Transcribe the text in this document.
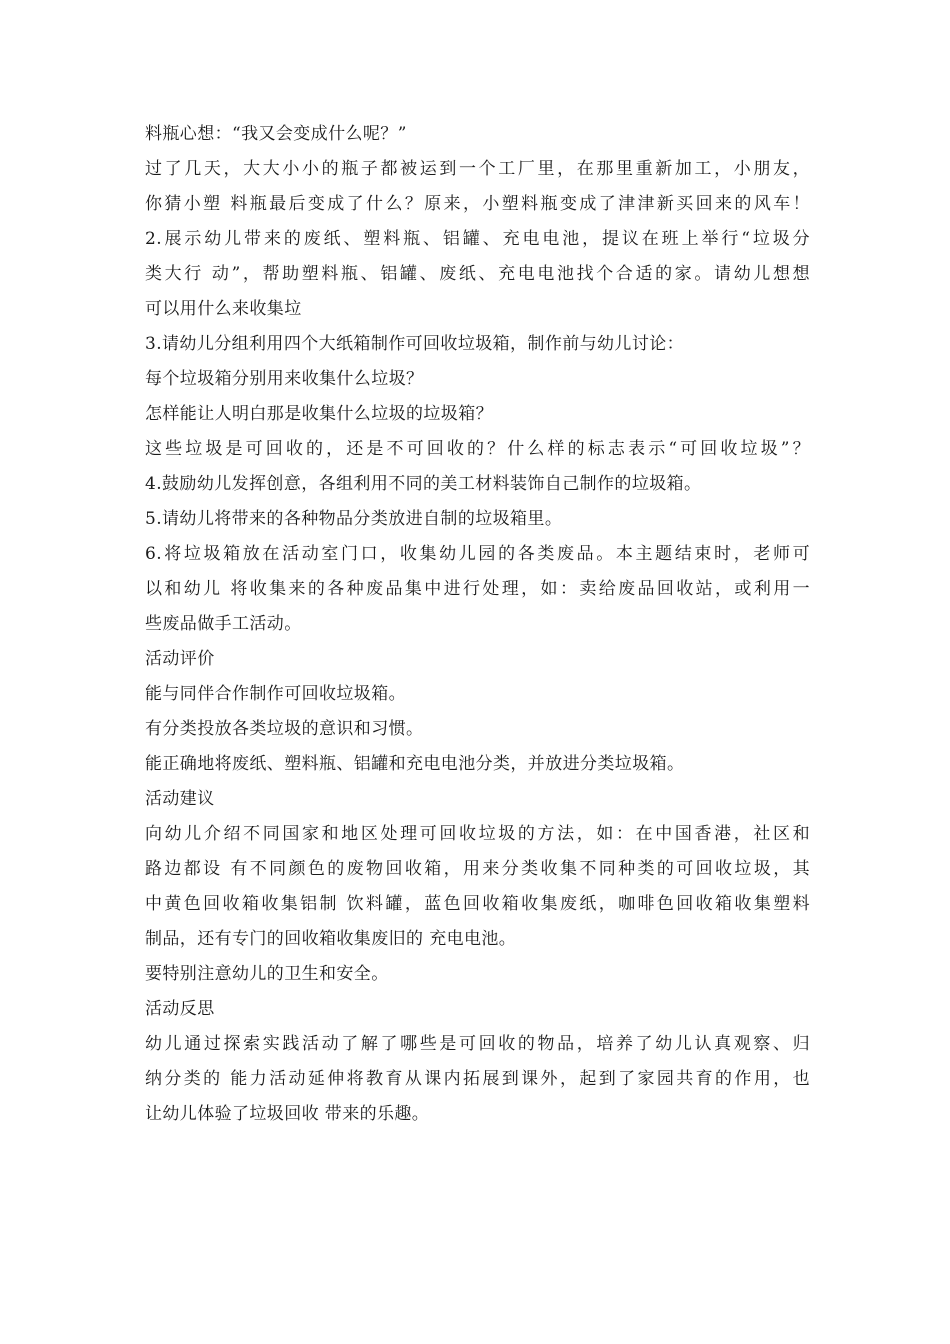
料瓶心想：“我又会变成什么呢？”
过了几天，大大小小的瓶子都被运到一个工厂里，在那里重新加工，小朋友，
你猜小塑 料瓶最后变成了什么？原来，小塑料瓶变成了津津新买回来的风车！
2.展示幼儿带来的废纸、塑料瓶、铝罐、充电电池，提议在班上举行“垃圾分
类大行 动”，帮助塑料瓶、铝罐、废纸、充电电池找个合适的家。请幼儿想想
可以用什么来收集垃
3.请幼儿分组利用四个大纸箱制作可回收垃圾箱，制作前与幼儿讨论：
每个垃圾箱分别用来收集什么垃圾？
怎样能让人明白那是收集什么垃圾的垃圾箱？
这些垃圾是可回收的，还是不可回收的？什么样的标志表示“可回收垃圾”？
4.鼓励幼儿发挥创意，各组利用不同的美工材料装饰自己制作的垃圾箱。
5.请幼儿将带来的各种物品分类放进自制的垃圾箱里。
6.将垃圾箱放在活动室门口，收集幼儿园的各类废品。本主题结束时，老师可
以和幼儿 将收集来的各种废品集中进行处理，如：卖给废品回收站，或利用一
些废品做手工活动。
活动评价
能与同伴合作制作可回收垃圾箱。
有分类投放各类垃圾的意识和习惯。
能正确地将废纸、塑料瓶、铝罐和充电电池分类，并放进分类垃圾箱。
活动建议
向幼儿介绍不同国家和地区处理可回收垃圾的方法，如：在中国香港，社区和
路边都设 有不同颜色的废物回收箱，用来分类收集不同种类的可回收垃圾，其
中黄色回收箱收集铝制 饮料罐，蓝色回收箱收集废纸，咖啡色回收箱收集塑料
制品，还有专门的回收箱收集废旧的 充电电池。
要特别注意幼儿的卫生和安全。
活动反思
幼儿通过探索实践活动了解了哪些是可回收的物品，培养了幼儿认真观察、归
纳分类的 能力活动延伸将教育从课内拓展到课外，起到了家园共育的作用，也
让幼儿体验了垃圾回收 带来的乐趣。
